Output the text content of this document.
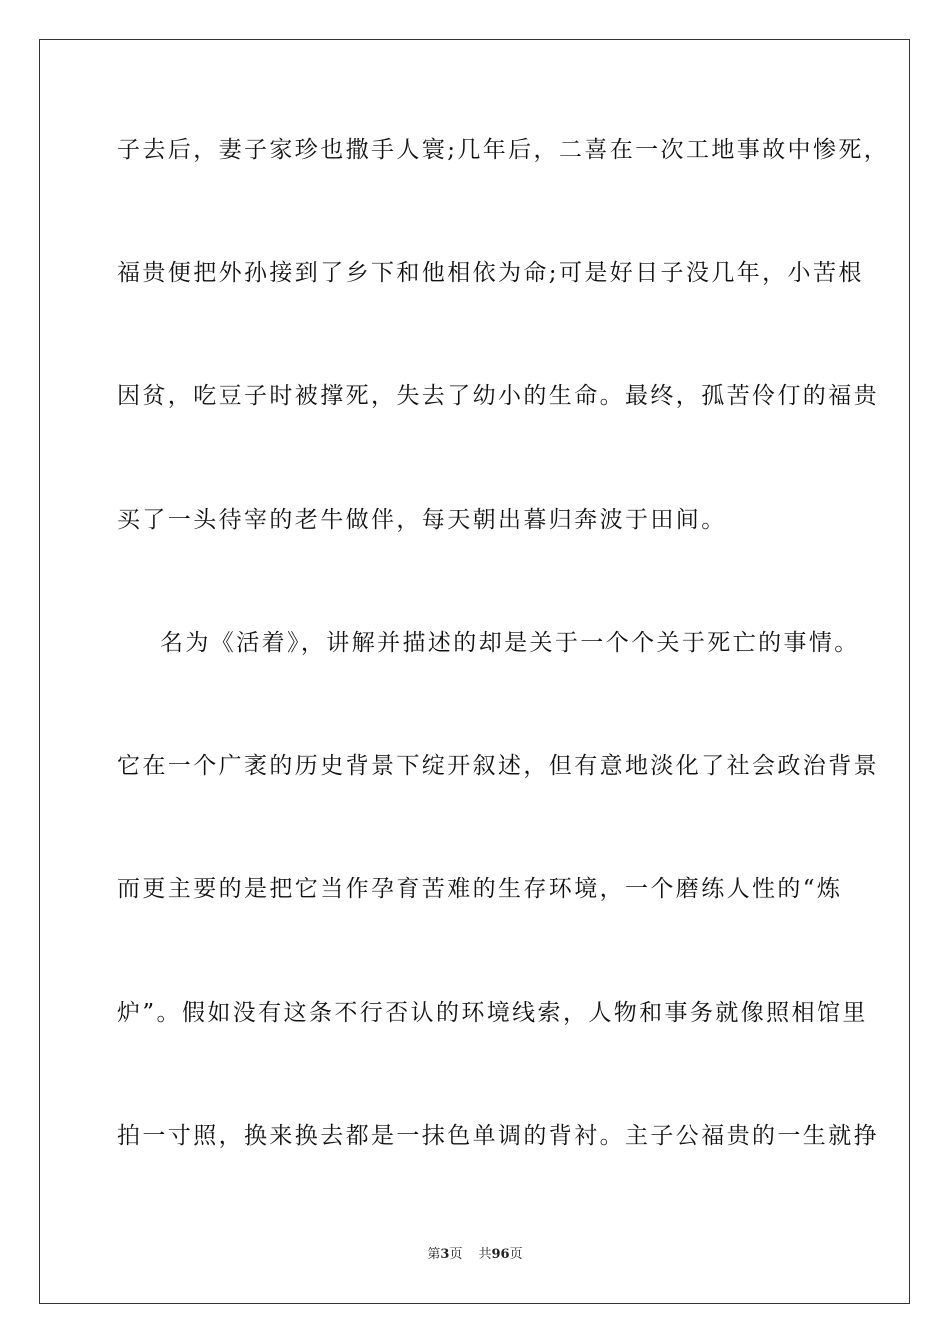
子去后，妻子家珍也撒手人寰;几年后，二喜在一次工地事故中惨死，
福贵便把外孙接到了乡下和他相依为命;可是好日子没几年，小苦根
因贫，吃豆子时被撑死，失去了幼小的生命。最终，孤苦伶仃的福贵
买了一头待宰的老牛做伴，每天朝出暮归奔波于田间。
名为《活着》，讲解并描述的却是关于一个个关于死亡的事情。
它在一个广袤的历史背景下绽开叙述，但有意地淡化了社会政治背景
而更主要的是把它当作孕育苦难的生存环境，一个磨练人性的“炼
炉”。假如没有这条不行否认的环境线索，人物和事务就像照相馆里
拍一寸照，换来换去都是一抹色单调的背衬。主子公福贵的一生就挣
第3页 共96页
